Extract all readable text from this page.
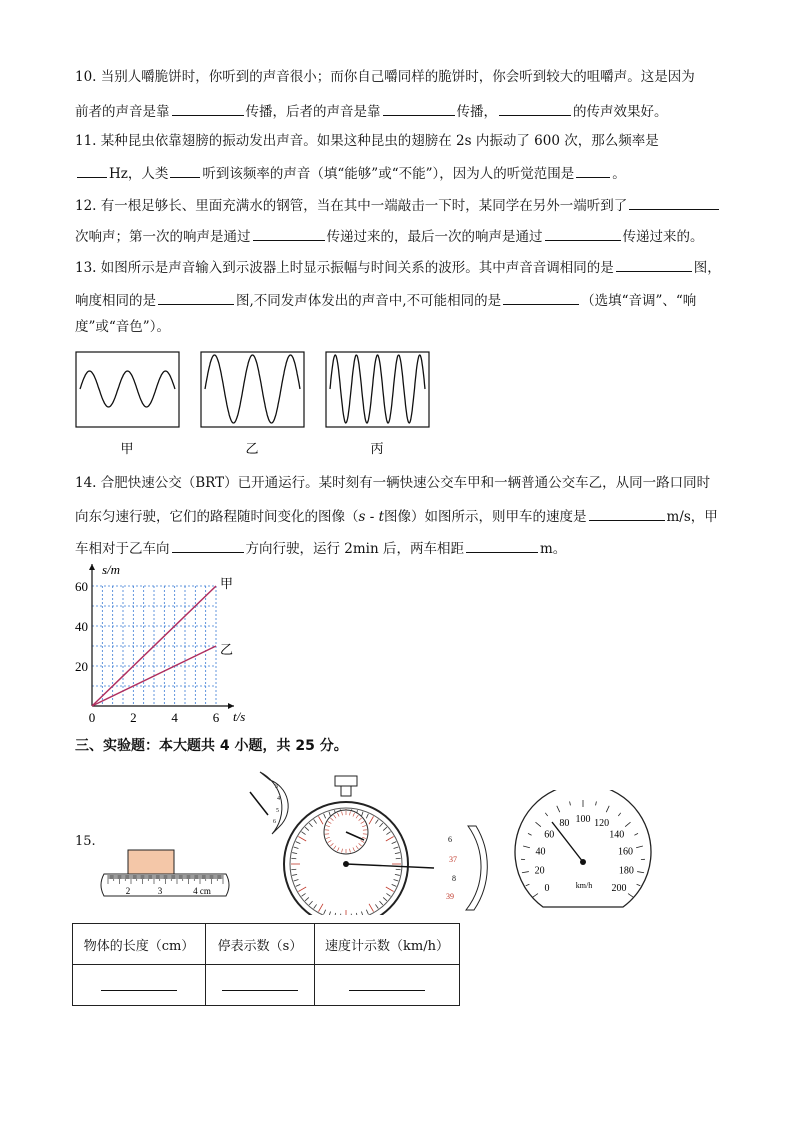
10. 当别人嚼脆饼时，你听到的声音很小；而你自己嚼同样的脆饼时，你会听到较大的咀嚼声。这是因为
前者的声音是靠	传播，后者的声音是靠	传播，	的传声效果好。
11. 某种昆虫依靠翅膀的振动发出声音。如果这种昆虫的翅膀在 2s 内振动了 600 次，那么频率是
Hz，人类	听到该频率的声音（填“能够”或“不能”），因为人的听觉范围是	。
12. 有一根足够长、里面充满水的钢管，当在其中一端敲击一下时，某同学在另外一端听到了
次响声；第一次的响声是通过	传递过来的，最后一次的响声是通过	传递过来的。
13. 如图所示是声音输入到示波器上时显示振幅与时间关系的波形。其中声音音调相同的是	图，
响度相同的是	图,不同发声体发出的声音中,不可能相同的是	（选填“音调”、“响
度”或“音色”）。
甲	乙	丙
14. 合肥快速公交（BRT）已开通运行。某时刻有一辆快速公交车甲和一辆普通公交车乙，从同一路口同时
向东匀速行驶，它们的路程随时间变化的图像（s - t图像）如图所示，则甲车的速度是	m/s，甲
车相对于乙车向	方向行驶，运行 2min 后，两车相距	m。
0	2	4	6
20
40
60	甲
乙
s/m
t/s
三、实验题：本大题共 4 小题，共 25 分。
15.
2	3	4 cm
3
4
5
6
6
37
8
39
0
20
40
60
80 100 120
140
160
180
200
km/h
物体的长度（cm）	停表示数（s）	速度计示数（km/h）
